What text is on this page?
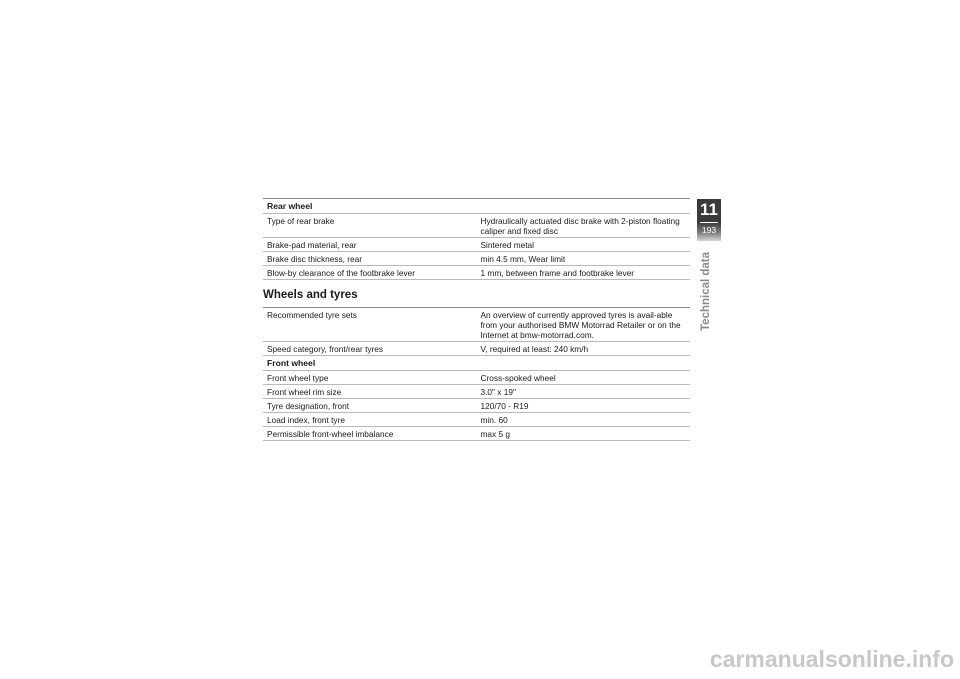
Rear wheel	
Type of rear brake	Hydraulically actuated disc brake with 2-piston floating caliper and fixed disc
Brake-pad material, rear	Sintered metal
Brake disc thickness, rear	min 4.5 mm, Wear limit
Blow-by clearance of the footbrake lever	1 mm, between frame and footbrake lever
Wheels and tyres
Recommended tyre sets	An overview of currently approved tyres is avail-able from your authorised BMW Motorrad Retailer or on the Internet at bmw-motorrad.com.
Speed category, front/rear tyres	V, required at least: 240 km/h
Front wheel	
Front wheel type	Cross-spoked wheel
Front wheel rim size	3.0" x 19"
Tyre designation, front	120/70 - R19
Load index, front tyre	min. 60
Permissible front-wheel imbalance	max 5 g
11
193
Technical data
carmanualsonline.info
